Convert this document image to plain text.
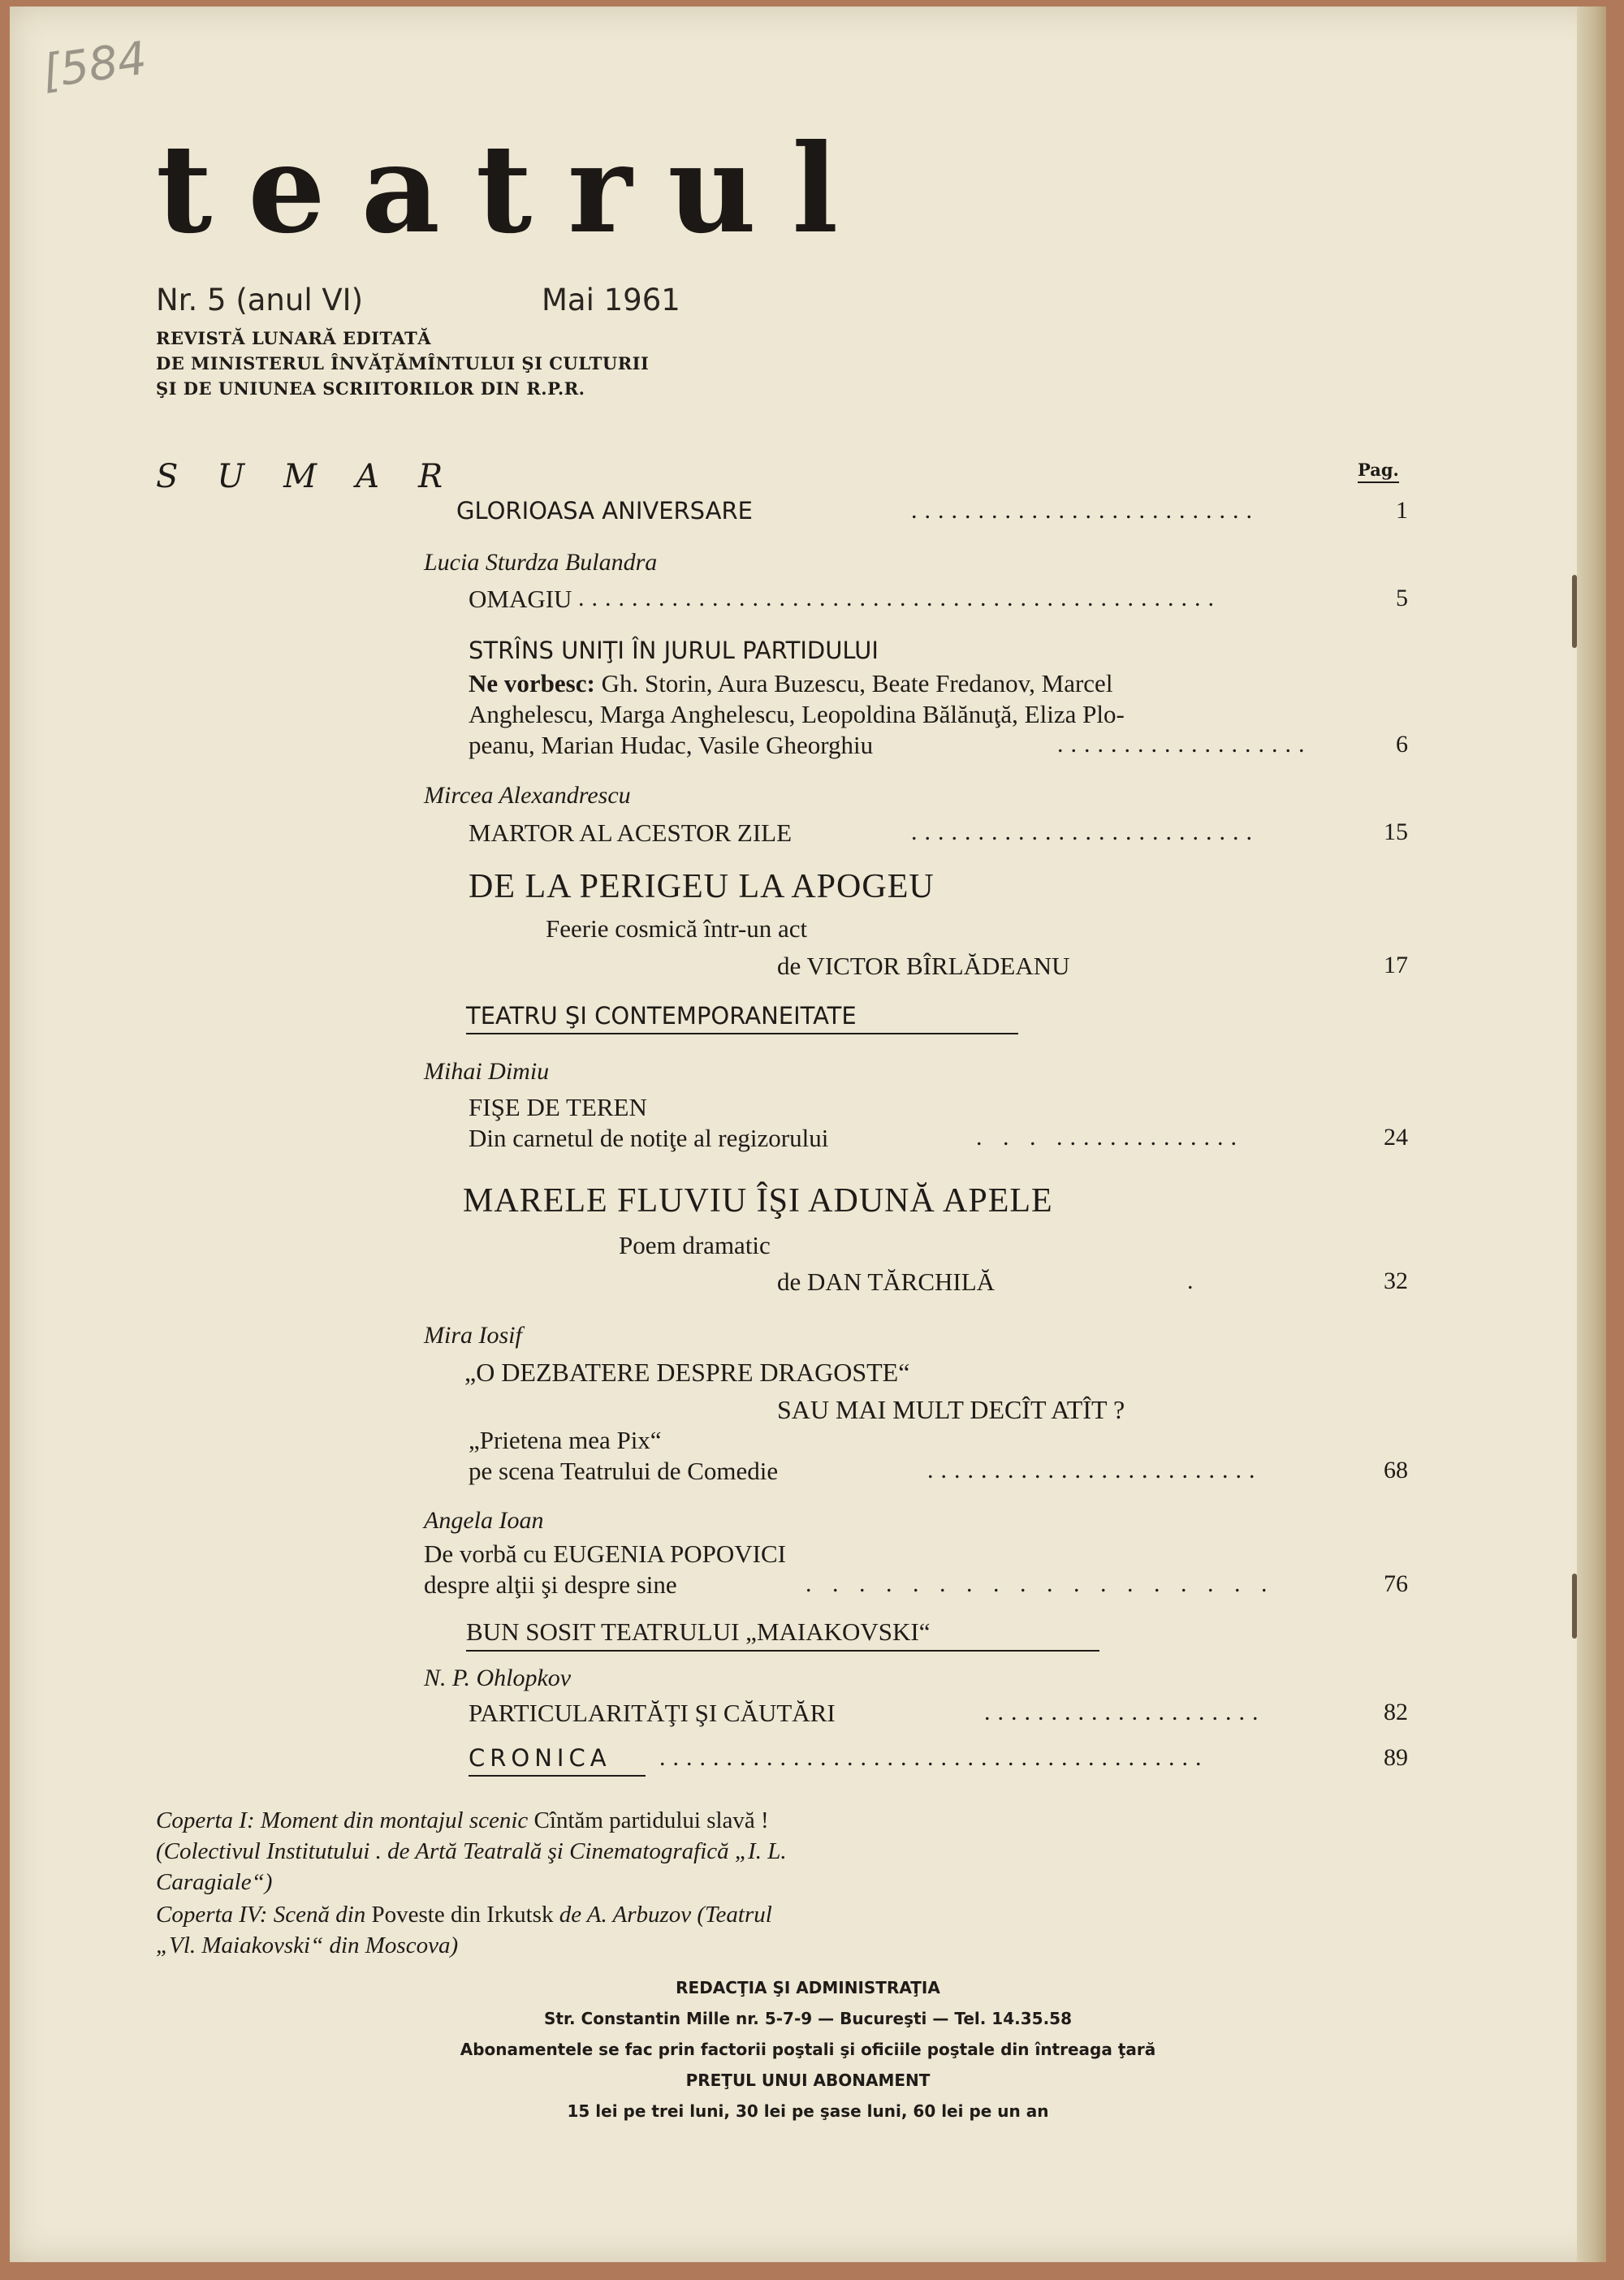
[584
teatrul
Nr. 5 (anul VI)	Mai 1961
REVISTĂ LUNARĂ EDITATĂ
DE MINISTERUL ÎNVĂŢĂMÎNTULUI ŞI CULTURII
ŞI DE UNIUNEA SCRIITORILOR DIN R.P.R.
SUMAR	Pag.
GLORIOASA ANIVERSARE	..........................	1
Lucia Sturdza Bulandra
OMAGIU ................................................	5
STRÎNS UNIŢI ÎN JURUL PARTIDULUI
Ne vorbesc: Gh. Storin, Aura Buzescu, Beate Fredanov, Marcel
Anghelescu, Marga Anghelescu, Leopoldina Bălănuţă, Eliza Plo-
peanu, Marian Hudac, Vasile Gheorghiu	...................	6
Mircea Alexandrescu
MARTOR AL ACESTOR ZILE	..........................	15
DE LA PERIGEU LA APOGEU
Feerie cosmică într-un act
de VICTOR BÎRLĂDEANU	17
TEATRU ŞI CONTEMPORANEITATE
Mihai Dimiu
FIŞE DE TEREN
Din carnetul de notiţe al regizorului	. . . ..............	24
MARELE FLUVIU ÎŞI ADUNĂ APELE
Poem dramatic
de DAN TĂRCHILĂ	.	32
Mira Iosif
„O DEZBATERE DESPRE DRAGOSTE“
SAU MAI MULT DECÎT ATÎT ?
„Prietena mea Pix“
pe scena Teatrului de Comedie	.........................	68
Angela Ioan
De vorbă cu EUGENIA POPOVICI
despre alţii şi despre sine	. . . . . . . . . . . . . . . . . .	76
BUN SOSIT TEATRULUI „MAIAKOVSKI“
N. P. Ohlopkov
PARTICULARITĂŢI ŞI CĂUTĂRI	.....................	82
CRONICA	.........................................	89
Coperta I: Moment din montajul scenic Cîntăm partidului slavă !
(Colectivul Institutului . de Artă Teatrală şi Cinematografică „I. L.
Caragiale“)
Coperta IV: Scenă din Poveste din Irkutsk de A. Arbuzov (Teatrul
„Vl. Maiakovski“ din Moscova)
REDACŢIA ŞI ADMINISTRAŢIA
Str. Constantin Mille nr. 5-7-9 — Bucureşti — Tel. 14.35.58
Abonamentele se fac prin factorii poştali şi oficiile poştale din întreaga ţară
PREŢUL UNUI ABONAMENT
15 lei pe trei luni, 30 lei pe şase luni, 60 lei pe un an
